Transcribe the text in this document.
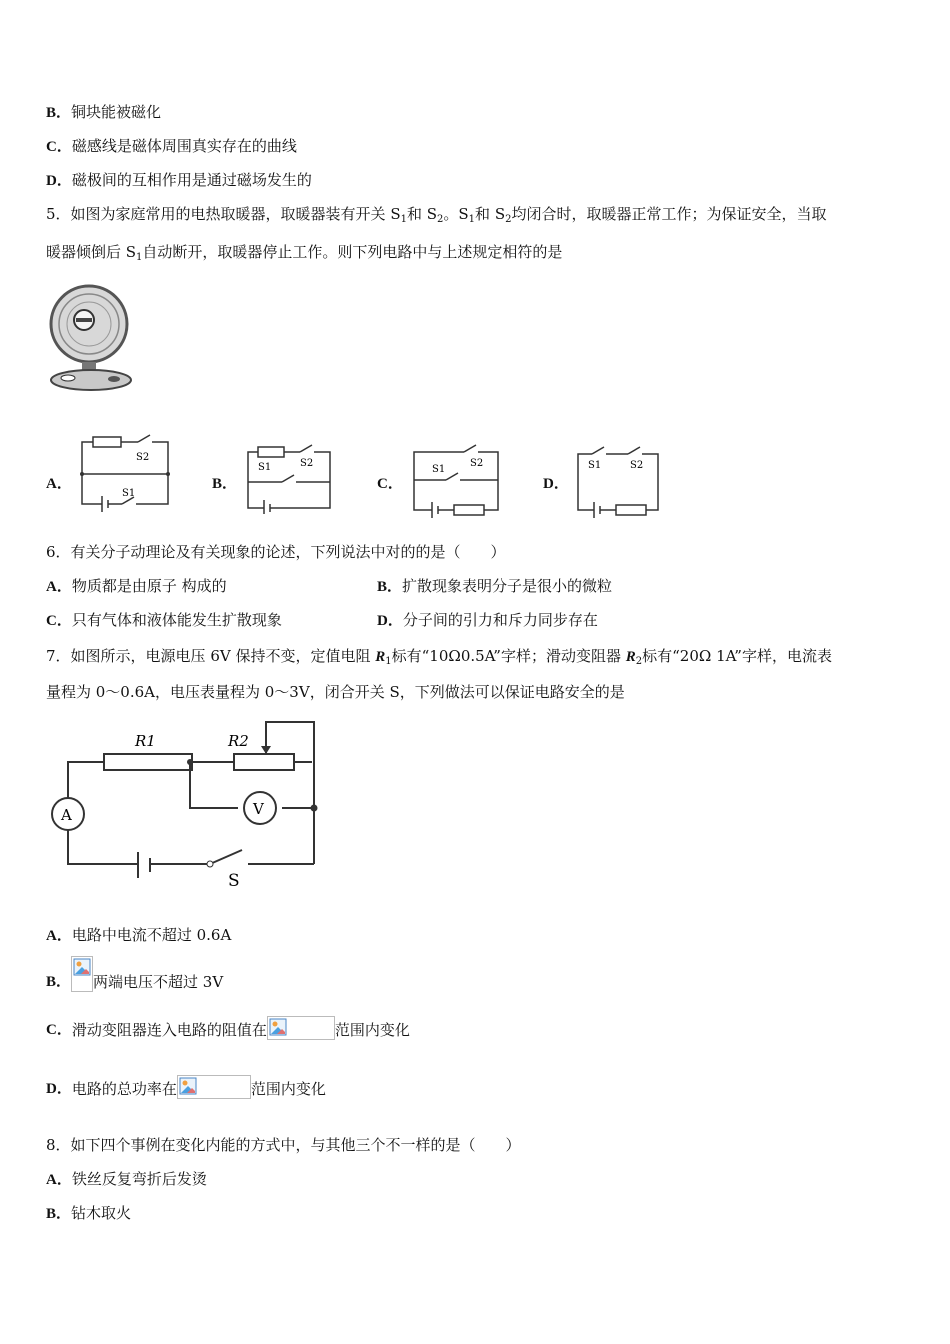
B．铜块能被磁化
C．磁感线是磁体周围真实存在的曲线
D．磁极间的互相作用是通过磁场发生的
5．如图为家庭常用的电热取暖器，取暖器装有开关 $S_1$和 $S_2$。$S_1$和 $S_2$均闭合时，取暖器正常工作；为保证安全，当取
暖器倾倒后 $S_1$自动断开，取暖器停止工作。则下列电路中与上述规定相符的是
A．
S2
S1
B．
S1	S2
C．
S1
S2
D．
S1	S2
6．有关分子动理论及有关现象的论述，下列说法中对的的是（　　）
A．物质都是由原子 构成的	B．扩散现象表明分子是很小的微粒
C．只有气体和液体能发生扩散现象	D．分子间的引力和斥力同步存在
7．如图所示，电源电压 6V 保持不变，定值电阻 $R_1$标有“10Ω0.5A”字样；滑动变阻器 $R_2$标有“20Ω 1A”字样，电流表
量程为 0～0.6A，电压表量程为 0～3V，闭合开关 S，下列做法可以保证电路安全的是
R1	R2
A	V
S
A．电路中电流不超过 0.6A
B． 两端电压不超过 3V
C．滑动变阻器连入电路的阻值在	范围内变化
D．电路的总功率在	范围内变化
8．如下四个事例在变化内能的方式中，与其他三个不一样的是（　　）
A．铁丝反复弯折后发烫
B．钻木取火
